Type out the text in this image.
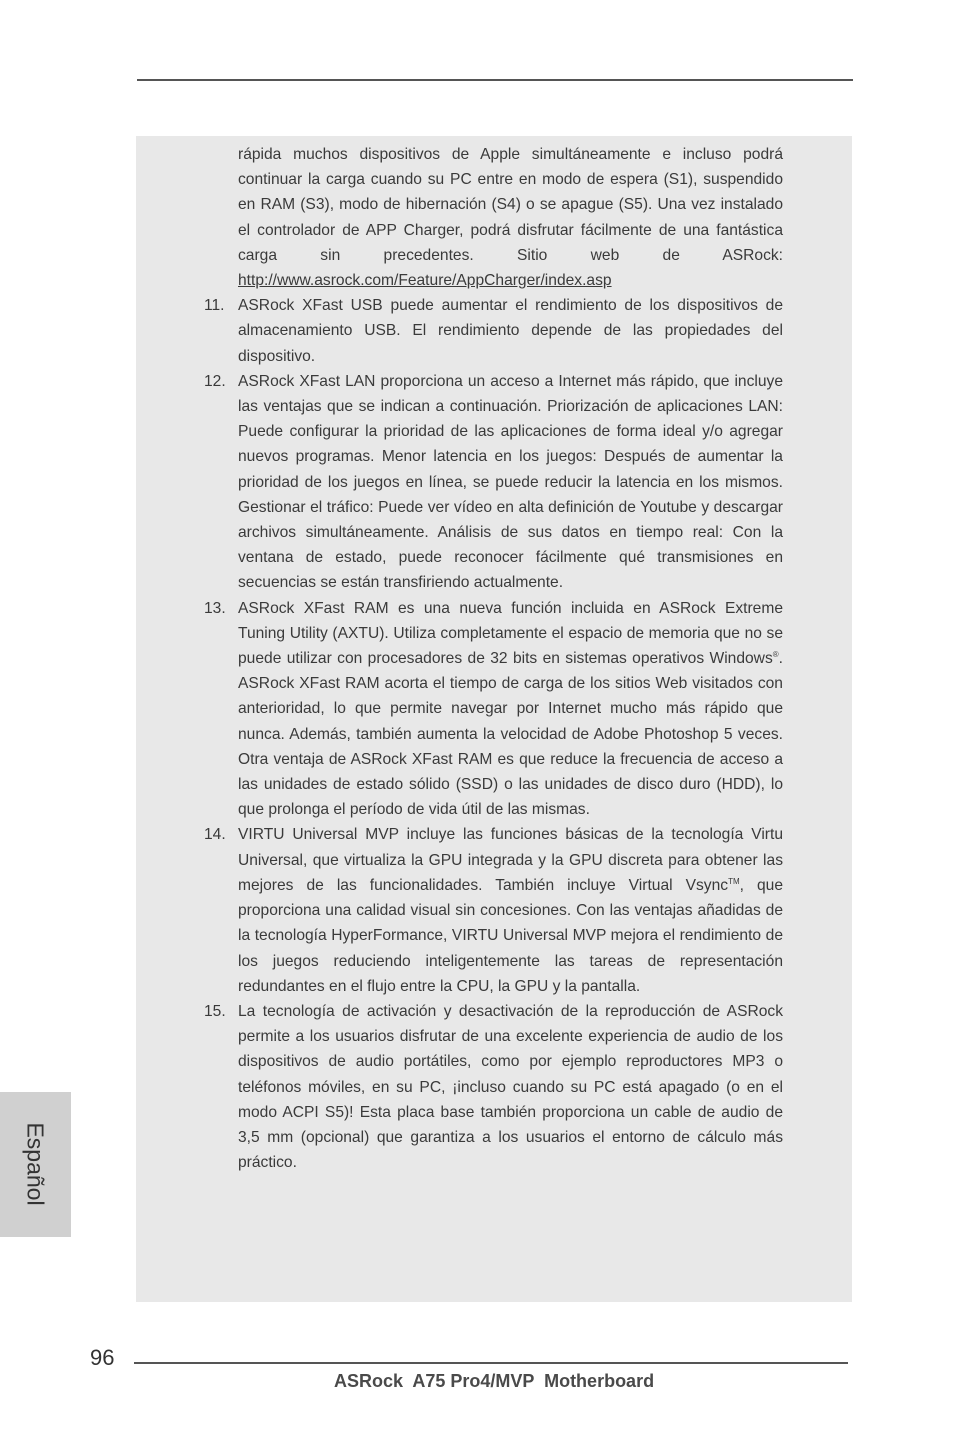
rápida muchos dispositivos de Apple simultáneamente e incluso podrá continuar la carga cuando su PC entre en modo de espera (S1), suspendido en RAM (S3), modo de hibernación (S4) o se apague (S5). Una vez instalado el controlador de APP Charger, podrá disfrutar fácilmente de una fantástica carga sin precedentes. Sitio web de ASRock: http://www.asrock.com/Feature/AppCharger/index.asp

11. ASRock XFast USB puede aumentar el rendimiento de los dispositivos de almacenamiento USB. El rendimiento depende de las propiedades del dispositivo.

12. ASRock XFast LAN proporciona un acceso a Internet más rápido, que incluye las ventajas que se indican a continuación. Priorización de aplicaciones LAN: Puede configurar la prioridad de las aplicaciones de forma ideal y/o agregar nuevos programas. Menor latencia en los juegos: Después de aumentar la prioridad de los juegos en línea, se puede reducir la latencia en los mismos. Gestionar el tráfico: Puede ver vídeo en alta definición de Youtube y descargar archivos simultáneamente. Análisis de sus datos en tiempo real: Con la ventana de estado, puede reconocer fácilmente qué transmisiones en secuencias se están transfiriendo actualmente.

13. ASRock XFast RAM es una nueva función incluida en ASRock Extreme Tuning Utility (AXTU). Utiliza completamente el espacio de memoria que no se puede utilizar con procesadores de 32 bits en sistemas operativos Windows®. ASRock XFast RAM acorta el tiempo de carga de los sitios Web visitados con anterioridad, lo que permite navegar por Internet mucho más rápido que nunca. Además, también aumenta la velocidad de Adobe Photoshop 5 veces. Otra ventaja de ASRock XFast RAM es que reduce la frecuencia de acceso a las unidades de estado sólido (SSD) o las unidades de disco duro (HDD), lo que prolonga el período de vida útil de las mismas.

14. VIRTU Universal MVP incluye las funciones básicas de la tecnología Virtu Universal, que virtualiza la GPU integrada y la GPU discreta para obtener las mejores de las funcionalidades. También incluye Virtual Vsync™, que proporciona una calidad visual sin concesiones. Con las ventajas añadidas de la tecnología HyperFormance, VIRTU Universal MVP mejora el rendimiento de los juegos reduciendo inteligentemente las tareas de representación redundantes en el flujo entre la CPU, la GPU y la pantalla.

15. La tecnología de activación y desactivación de la reproducción de ASRock permite a los usuarios disfrutar de una excelente experiencia de audio de los dispositivos de audio portátiles, como por ejemplo reproductores MP3 o teléfonos móviles, en su PC, ¡incluso cuando su PC está apagado (o en el modo ACPI S5)! Esta placa base también proporciona un cable de audio de 3,5 mm (opcional) que garantiza a los usuarios el entorno de cálculo más práctico.

Español
96
ASRock  A75 Pro4/MVP  Motherboard
